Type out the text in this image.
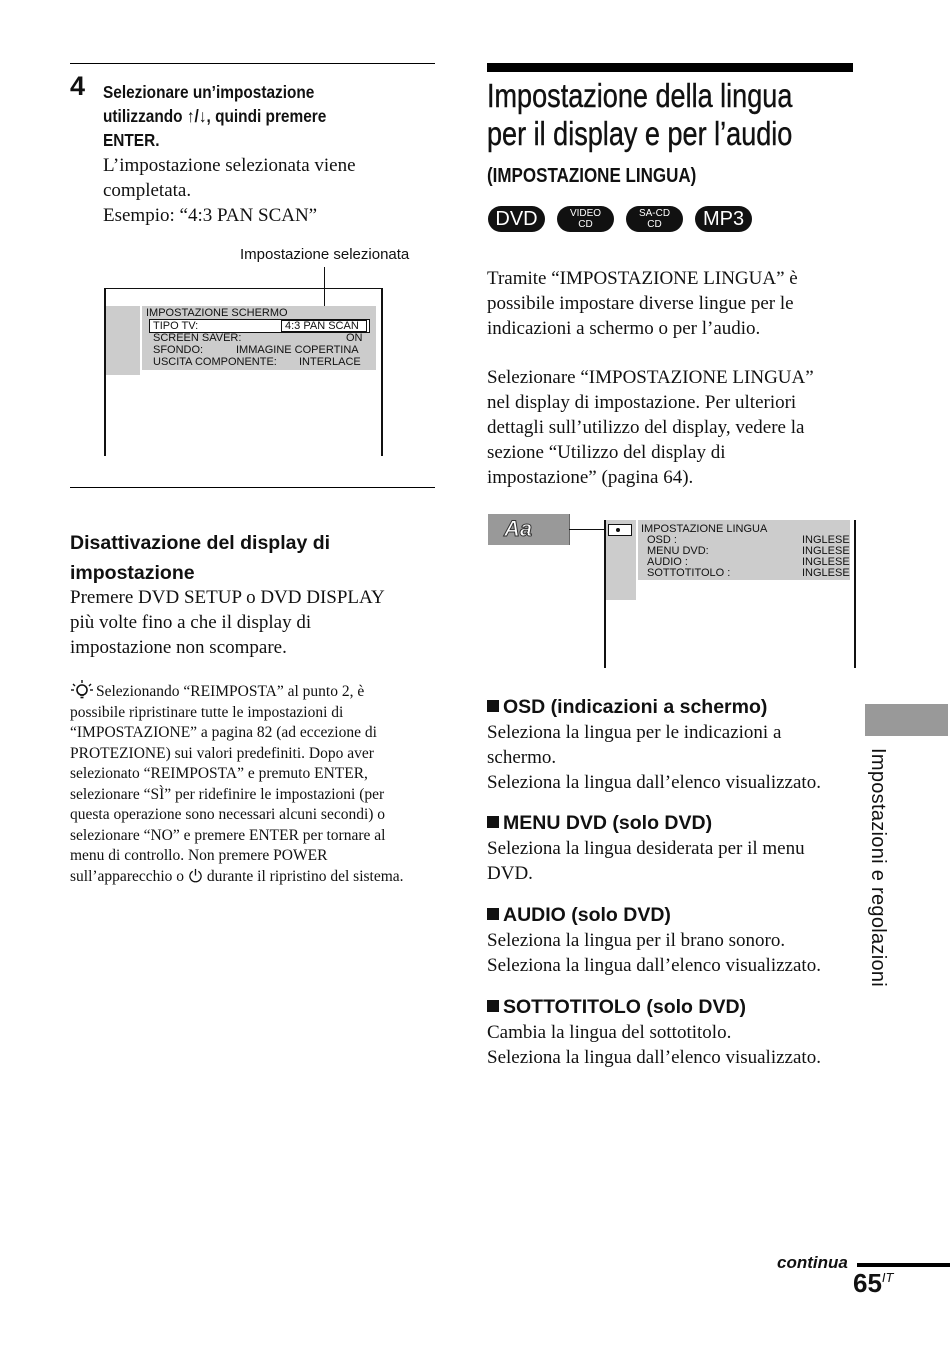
4 Selezionare un’impostazione
utilizzando ↑/↓, quindi premere
ENTER.
L’impostazione selezionata viene
completata.
Esempio: “4:3 PAN SCAN”
Impostazione selezionata
IMPOSTAZIONE SCHERMO
TIPO TV:	4:3 PAN SCAN
SCREEN SAVER:	ON
SFONDO:	IMMAGINE COPERTINA
USCITA COMPONENTE: INTERLACE
Disattivazione del display di
impostazione
Premere DVD SETUP o DVD DISPLAY
più volte fino a che il display di
impostazione non scompare.
Selezionando “REIMPOSTA” al punto 2, è
possibile ripristinare tutte le impostazioni di
“IMPOSTAZIONE” a pagina 82 (ad eccezione di
PROTEZIONE) sui valori predefiniti. Dopo aver
selezionato “REIMPOSTA” e premuto ENTER,
selezionare “SÌ” per ridefinire le impostazioni (per
questa operazione sono necessari alcuni secondi) o
selezionare “NO” e premere ENTER per tornare al
menu di controllo. Non premere POWER
sull’apparecchio o durante il ripristino del sistema.
Impostazione della lingua
per il display e per l’audio
(IMPOSTAZIONE LINGUA)
DVD	VIDEO
CD
SA-CD
CD	MP3
Tramite “IMPOSTAZIONE LINGUA” è
possibile impostare diverse lingue per le
indicazioni a schermo o per l’audio.
Selezionare “IMPOSTAZIONE LINGUA”
nel display di impostazione. Per ulteriori
dettagli sull’utilizzo del display, vedere la
sezione “Utilizzo del display di
impostazione” (pagina 64).
Aa	IMPOSTAZIONE LINGUA
OSD :	INGLESE
MENU DVD:	INGLESE
AUDIO :	INGLESE
SOTTOTITOLO :	INGLESE
OSD (indicazioni a schermo)
Seleziona la lingua per le indicazioni a
schermo.
Seleziona la lingua dall’elenco visualizzato.
MENU DVD (solo DVD)
Seleziona la lingua desiderata per il menu
DVD.
AUDIO (solo DVD)
Seleziona la lingua per il brano sonoro.
Seleziona la lingua dall’elenco visualizzato.
SOTTOTITOLO (solo DVD)
Cambia la lingua del sottotitolo.
Seleziona la lingua dall’elenco visualizzato.
Impostazioni e regolazioni
continua
$65^{IT}$
